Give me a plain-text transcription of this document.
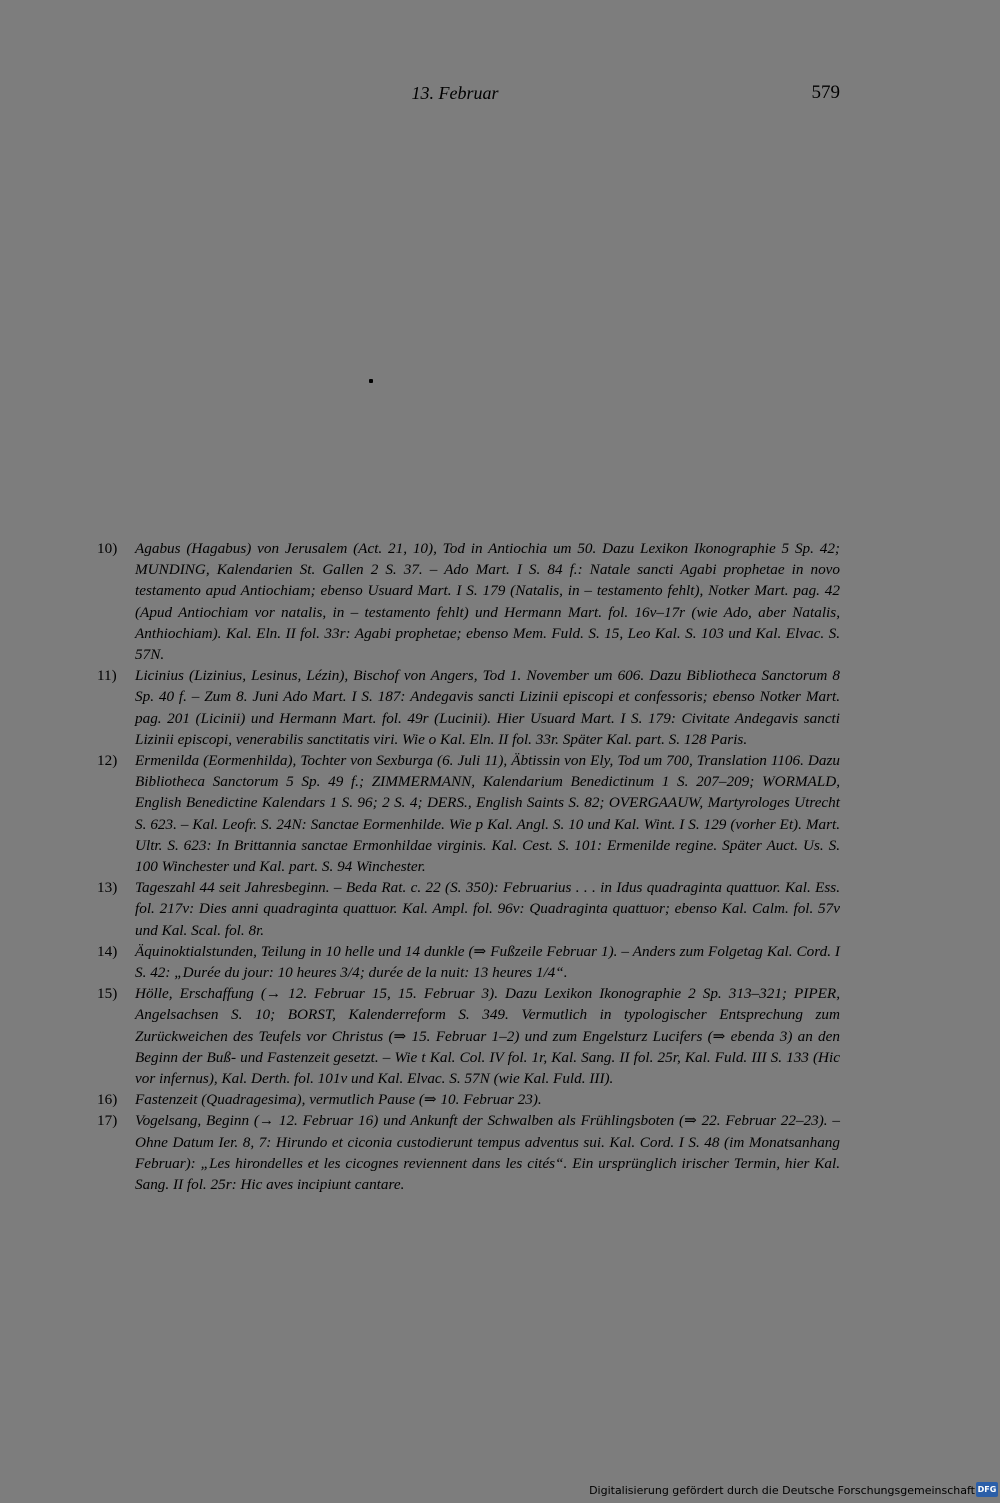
13. Februar	579
10)	Agabus (Hagabus) von Jerusalem (Act. 21, 10), Tod in Antiochia um 50. Dazu Lexikon Ikonographie 5 Sp. 42; MUNDING, Kalendarien St. Gallen 2 S. 37. – Ado Mart. I S. 84 f.: Natale sancti Agabi prophetae in novo testamento apud Antiochiam; ebenso Usuard Mart. I S. 179 (Natalis, in – testamento fehlt), Notker Mart. pag. 42 (Apud Antiochiam vor natalis, in – testamento fehlt) und Hermann Mart. fol. 16v–17r (wie Ado, aber Natalis, Anthiochiam). Kal. Eln. II fol. 33r: Agabi prophetae; ebenso Mem. Fuld. S. 15, Leo Kal. S. 103 und Kal. Elvac. S. 57N.
11)	Licinius (Lizinius, Lesinus, Lézin), Bischof von Angers, Tod 1. November um 606. Dazu Bibliotheca Sanctorum 8 Sp. 40 f. – Zum 8. Juni Ado Mart. I S. 187: Andegavis sancti Lizinii episcopi et confessoris; ebenso Notker Mart. pag. 201 (Licinii) und Hermann Mart. fol. 49r (Lucinii). Hier Usuard Mart. I S. 179: Civitate Andegavis sancti Lizinii episcopi, venerabilis sanctitatis viri. Wie o Kal. Eln. II fol. 33r. Später Kal. part. S. 128 Paris.
12)	Ermenilda (Eormenhilda), Tochter von Sexburga (6. Juli 11), Äbtissin von Ely, Tod um 700, Translation 1106. Dazu Bibliotheca Sanctorum 5 Sp. 49 f.; ZIMMERMANN, Kalendarium Benedictinum 1 S. 207–209; WORMALD, English Benedictine Kalendars 1 S. 96; 2 S. 4; DERS., English Saints S. 82; OVERGAAUW, Martyrologes Utrecht S. 623. – Kal. Leofr. S. 24N: Sanctae Eormenhilde. Wie p Kal. Angl. S. 10 und Kal. Wint. I S. 129 (vorher Et). Mart. Ultr. S. 623: In Brittannia sanctae Ermonhildae virginis. Kal. Cest. S. 101: Ermenilde regine. Später Auct. Us. S. 100 Winchester und Kal. part. S. 94 Winchester.
13)	Tageszahl 44 seit Jahresbeginn. – Beda Rat. c. 22 (S. 350): Februarius . . . in Idus quadraginta quattuor. Kal. Ess. fol. 217v: Dies anni quadraginta quattuor. Kal. Ampl. fol. 96v: Quadraginta quattuor; ebenso Kal. Calm. fol. 57v und Kal. Scal. fol. 8r.
14)	Äquinoktialstunden, Teilung in 10 helle und 14 dunkle (⇒ Fußzeile Februar 1). – Anders zum Folgetag Kal. Cord. I S. 42: „Durée du jour: 10 heures 3/4; durée de la nuit: 13 heures 1/4“.
15)	Hölle, Erschaffung (→ 12. Februar 15, 15. Februar 3). Dazu Lexikon Ikonographie 2 Sp. 313–321; PIPER, Angelsachsen S. 10; BORST, Kalenderreform S. 349. Vermutlich in typologischer Entsprechung zum Zurückweichen des Teufels vor Christus (⇒ 15. Februar 1–2) und zum Engelsturz Lucifers (⇒ ebenda 3) an den Beginn der Buß- und Fastenzeit gesetzt. – Wie t Kal. Col. IV fol. 1r, Kal. Sang. II fol. 25r, Kal. Fuld. III S. 133 (Hic vor infernus), Kal. Derth. fol. 101v und Kal. Elvac. S. 57N (wie Kal. Fuld. III).
16)	Fastenzeit (Quadragesima), vermutlich Pause (⇒ 10. Februar 23).
17)	Vogelsang, Beginn (→ 12. Februar 16) und Ankunft der Schwalben als Frühlingsboten (⇒ 22. Februar 22–23). – Ohne Datum Ier. 8, 7: Hirundo et ciconia custodierunt tempus adventus sui. Kal. Cord. I S. 48 (im Monatsanhang Februar): „Les hirondelles et les cicognes reviennent dans les cités“. Ein ursprünglich irischer Termin, hier Kal. Sang. II fol. 25r: Hic aves incipiunt cantare.
Digitalisierung gefördert durch die Deutsche Forschungsgemeinschaft DFG
